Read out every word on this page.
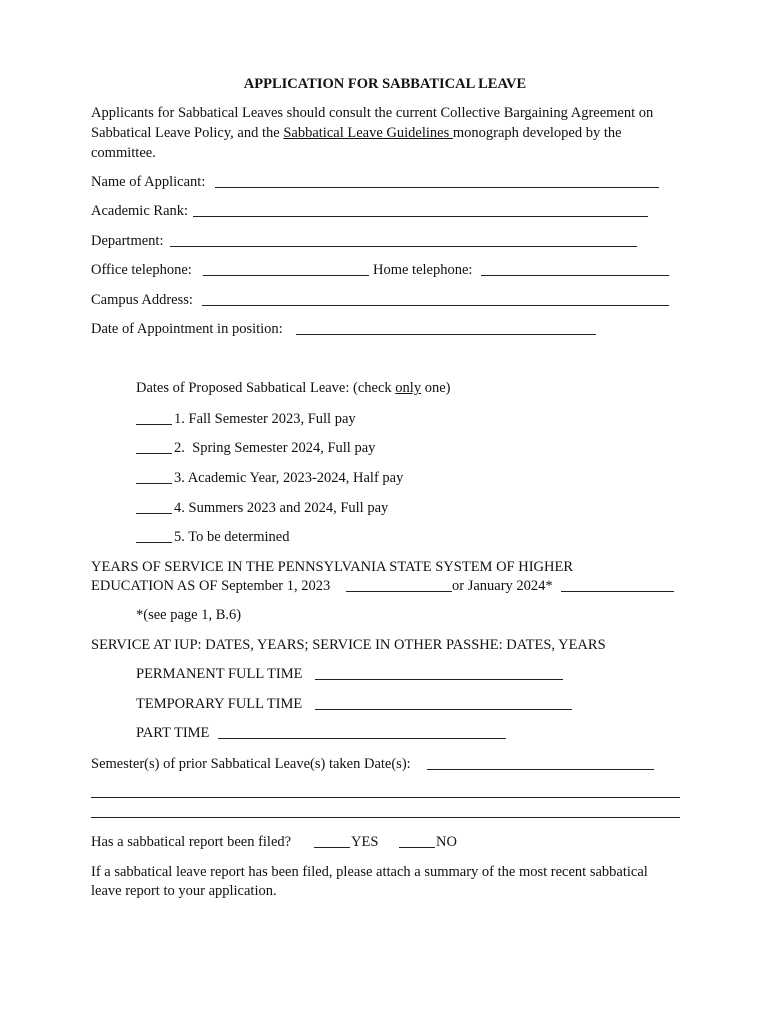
APPLICATION FOR SABBATICAL LEAVE
Applicants for Sabbatical Leaves should consult the current Collective Bargaining Agreement on
Sabbatical Leave Policy, and the Sabbatical Leave Guidelines monograph developed by the
committee.
Name of Applicant:
Academic Rank:
Department:
Office telephone:	Home telephone:
Campus Address:
Date of Appointment in position:
Dates of Proposed Sabbatical Leave: (check only one)
1. Fall Semester 2023, Full pay
2.  Spring Semester 2024, Full pay
3. Academic Year, 2023-2024, Half pay
4. Summers 2023 and 2024, Full pay
5. To be determined
YEARS OF SERVICE IN THE PENNSYLVANIA STATE SYSTEM OF HIGHER
EDUCATION AS OF September 1, 2023	or January 2024*
*(see page 1, B.6)
SERVICE AT IUP: DATES, YEARS; SERVICE IN OTHER PASSHE: DATES, YEARS
PERMANENT FULL TIME
TEMPORARY FULL TIME
PART TIME
Semester(s) of prior Sabbatical Leave(s) taken Date(s):
Has a sabbatical report been filed?	YES	NO
If a sabbatical leave report has been filed, please attach a summary of the most recent sabbatical
leave report to your application.
